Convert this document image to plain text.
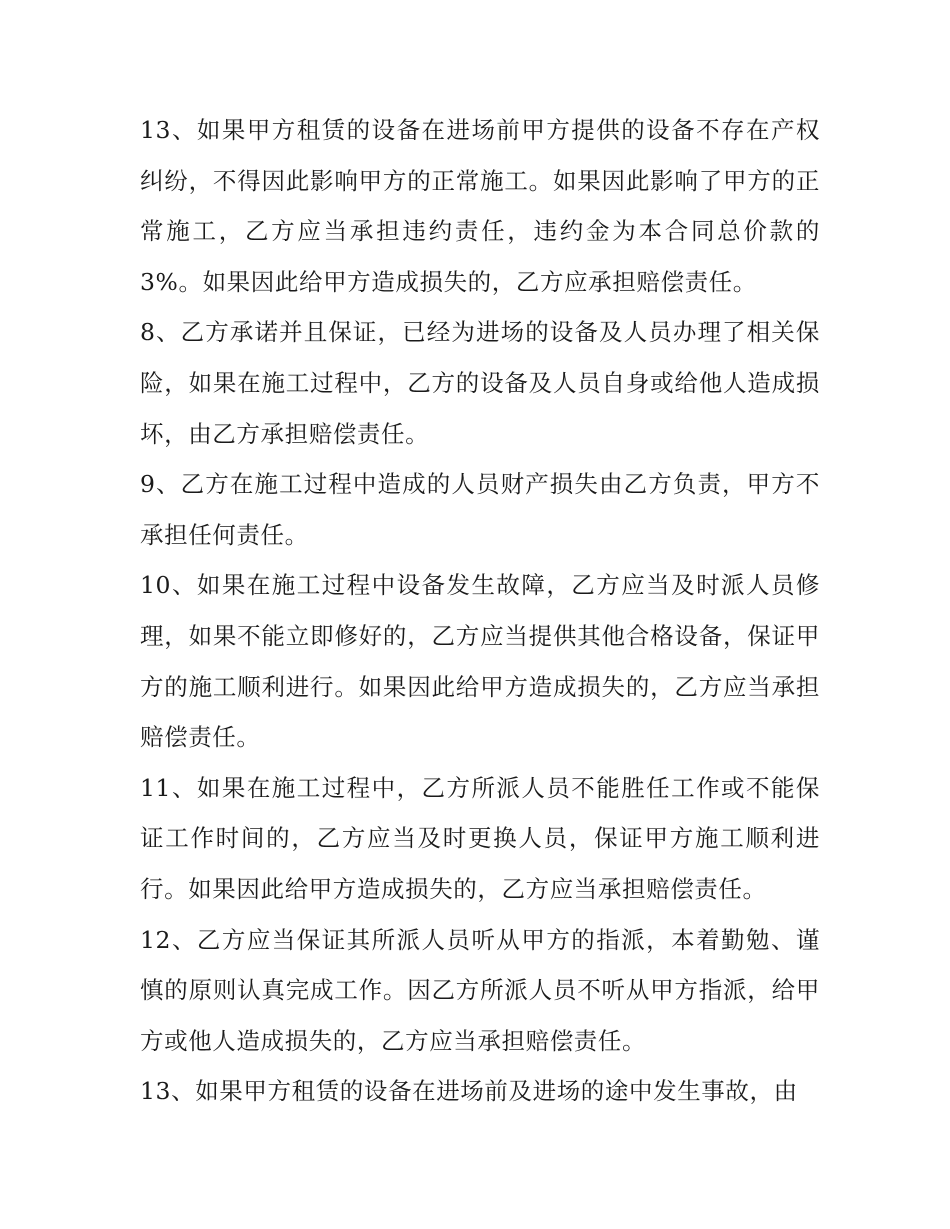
13、如果甲方租赁的设备在进场前甲方提供的设备不存在产权纠纷，不得因此影响甲方的正常施工。如果因此影响了甲方的正常施工，乙方应当承担违约责任，违约金为本合同总价款的3%。如果因此给甲方造成损失的，乙方应承担赔偿责任。

8、乙方承诺并且保证，已经为进场的设备及人员办理了相关保险，如果在施工过程中，乙方的设备及人员自身或给他人造成损坏，由乙方承担赔偿责任。

9、乙方在施工过程中造成的人员财产损失由乙方负责，甲方不承担任何责任。

10、如果在施工过程中设备发生故障，乙方应当及时派人员修理，如果不能立即修好的，乙方应当提供其他合格设备，保证甲方的施工顺利进行。如果因此给甲方造成损失的，乙方应当承担赔偿责任。

11、如果在施工过程中，乙方所派人员不能胜任工作或不能保证工作时间的，乙方应当及时更换人员，保证甲方施工顺利进行。如果因此给甲方造成损失的，乙方应当承担赔偿责任。

12、乙方应当保证其所派人员听从甲方的指派，本着勤勉、谨慎的原则认真完成工作。因乙方所派人员不听从甲方指派，给甲方或他人造成损失的，乙方应当承担赔偿责任。

13、如果甲方租赁的设备在进场前及进场的途中发生事故，由
